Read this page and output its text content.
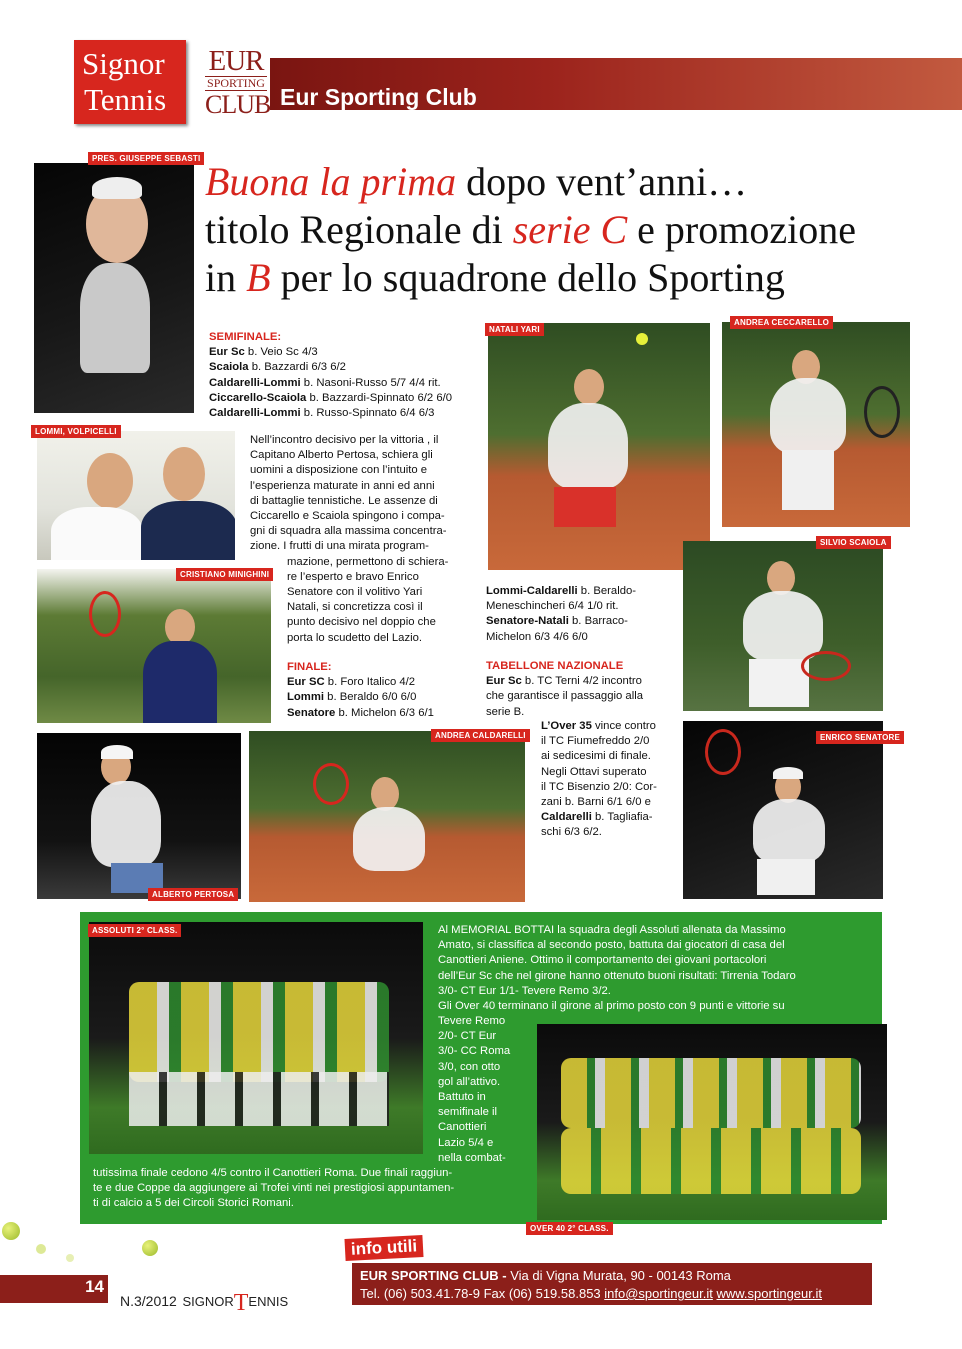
Signor
Tennis
EUR
SPORTING
CLUB Eur Sporting Club
Buona la prima dopo vent’anni…
titolo Regionale di serie C e promozione
in B per lo squadrone dello Sporting
PRES. GIUSEPPE SEBASTI
SEMIFINALE:
Eur Sc b. Veio Sc 4/3
Scaiola b. Bazzardi 6/3 6/2
Caldarelli-Lommi b. Nasoni-Russo 5/7 4/4 rit.
Ciccarello-Scaiola b. Bazzardi-Spinnato 6/2 6/0
Caldarelli-Lommi b. Russo-Spinnato 6/4 6/3
LOMMI, VOLPICELLI
Nell’incontro decisivo per la vittoria , il
Capitano Alberto Pertosa, schiera gli
uomini a disposizione con l’intuito e
l’esperienza maturate in anni ed anni
di battaglie tennistiche. Le assenze di
Ciccarello e Scaiola spingono i compa-
gni di squadra alla massima concentra-
zione. I frutti di una mirata program-
mazione, permettono di schiera-
re l’esperto e bravo Enrico
Senatore con il volitivo Yari
Natali, si concretizza così il
punto decisivo nel doppio che
porta lo scudetto del Lazio.
CRISTIANO MINIGHINI
FINALE:
Eur SC b. Foro Italico 4/2
Lommi b. Beraldo 6/0 6/0
Senatore b. Michelon 6/3 6/1
NATALI YARI
ANDREA CECCARELLO
Lommi-Caldarelli b. Beraldo-
Meneschincheri 6/4 1/0 rit.
Senatore-Natali b. Barraco-
Michelon 6/3 4/6 6/0
TABELLONE NAZIONALE
Eur Sc b. TC Terni 4/2 incontro
che garantisce il passaggio alla
serie B.
SILVIO SCAIOLA
ALBERTO PERTOSA
ANDREA CALDARELLI
L’Over 35 vince contro
il TC Fiumefreddo 2/0
ai sedicesimi di finale.
Negli Ottavi superato
il TC Bisenzio 2/0: Cor-
zani b. Barni 6/1 6/0 e
Caldarelli b. Tagliafia-
schi 6/3 6/2.
ENRICO SENATORE
ASSOLUTI 2° CLASS.	Al MEMORIAL BOTTAI la squadra degli Assoluti allenata da Massimo
Amato, si classifica al secondo posto, battuta dai giocatori di casa del
Canottieri Aniene. Ottimo il comportamento dei giovani portacolori
dell’Eur Sc che nel girone hanno ottenuto buoni risultati: Tirrenia Todaro
3/0- CT Eur 1/1- Tevere Remo 3/2.
Gli Over 40 terminano il girone al primo posto con 9 punti e vittorie su
Tevere Remo
2/0- CT Eur
3/0- CC Roma
3/0, con otto
gol all’attivo.
Battuto in
semifinale il
Canottieri
Lazio 5/4 e
nella combat-
tutissima finale cedono 4/5 contro il Canottieri Roma. Due finali raggiun-
te e due Coppe da aggiungere ai Trofei vinti nei prestigiosi appuntamen-
ti di calcio a 5 dei Circoli Storici Romani.
OVER 40 2° CLASS.
14
N.3/2012 SIGNORTENNIS
info utili
EUR SPORTING CLUB - Via di Vigna Murata, 90 - 00143 Roma
Tel. (06) 503.41.78-9 Fax (06) 519.58.853 info@sportingeur.it www.sportingeur.it
